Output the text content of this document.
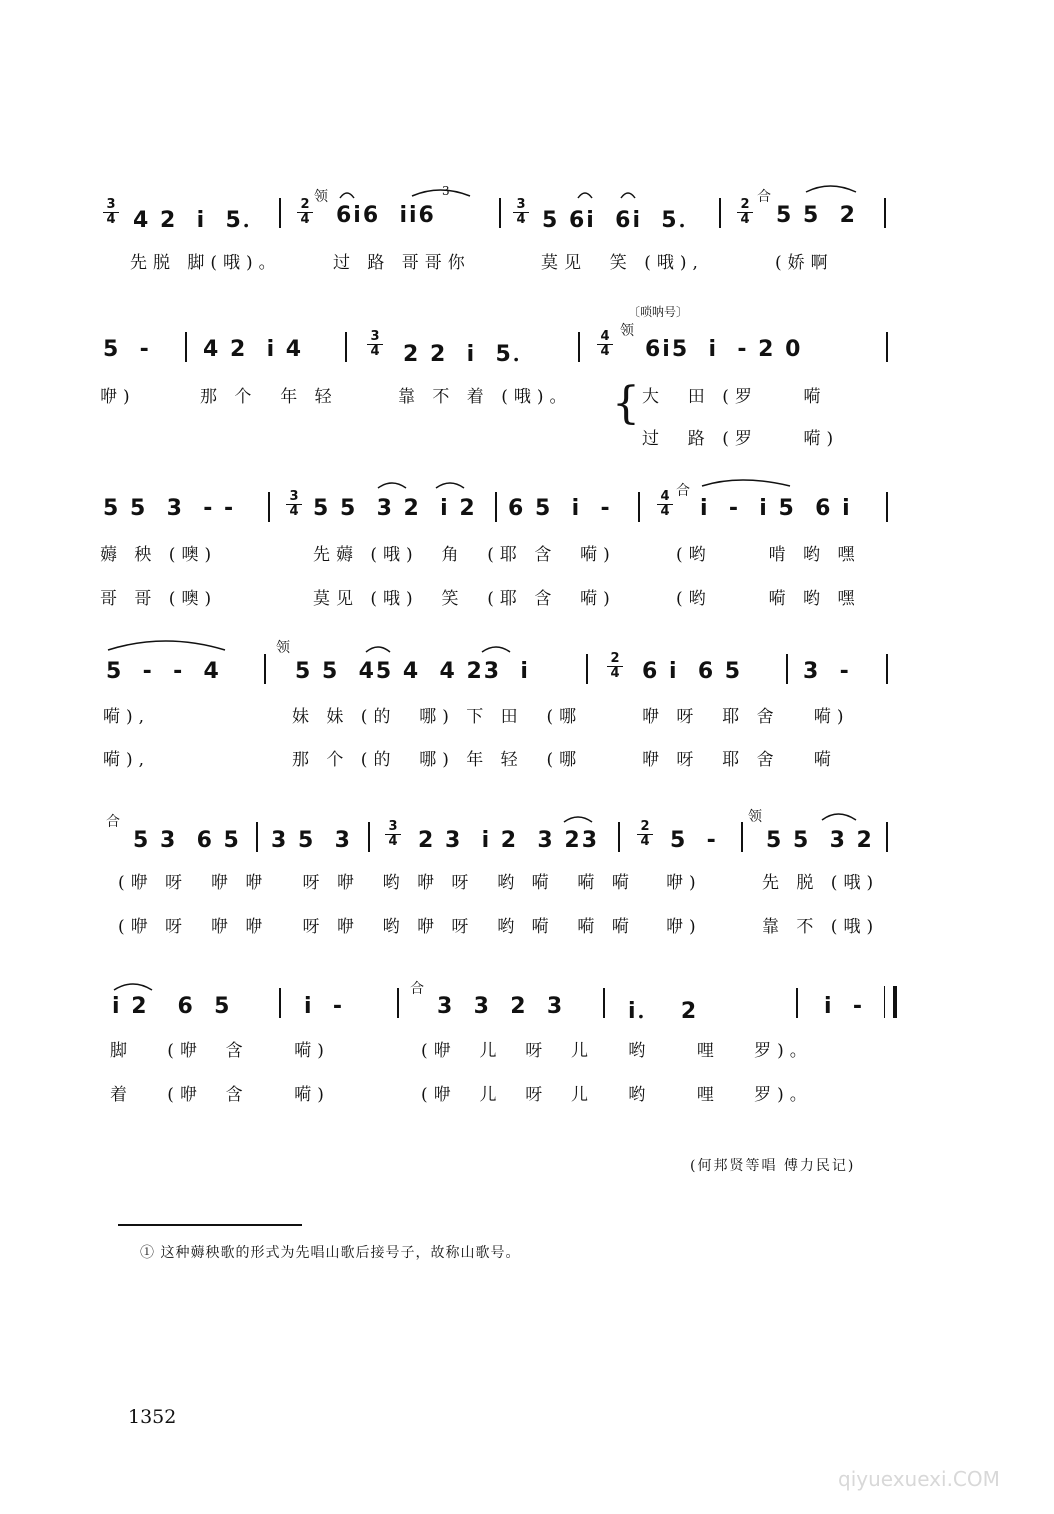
3
4 4 2  i  5．
2
4
领
6i6  ii6
3
3
4 5 6i  6i  5．
2
4
合
5 5  2
先脱 脚(哦)。	过 路 哥哥你	莫见  笑 (哦),	(娇啊
5  - 4 2  i 4
3
4 2 2  i  5．
4
4
领
〔唢呐号〕
6i5  i  - 2 0
咿)	那 个  年 轻	靠 不 着 (哦)。 { 大  田 (罗    嗬
过  路 (罗    嗬)
5 5  3  - -	3
4 5 5  3 2  i 2 6 5  i  -	4
4
合
i  -  i 5  6 i
薅 秧 (噢)	先薅 (哦)  角  (耶 含  嗬)	(哟     啃 哟 嘿
哥 哥 (噢)	莫见 (哦)  笑  (耶 含  嗬)	(哟     嗬 哟 嘿
5  -  -  4
领
5 5  45 4  4 23  i
2
4 6 i  6 5	3  -
嗬),	妹 妹 (的  哪) 下 田  (哪	咿 呀  耶 舍   嗬)
嗬),	那 个 (的  哪) 年 轻  (哪	咿 呀  耶 舍   嗬
合
5 3  6 5 3 5  3
3
4 2 3  i 2  3 23
2
4 5  -
领
5 5  3 2
(咿 呀  咿 咿   呀 咿  哟 咿 呀  哟 嗬  嗬 嗬 咿)	先 脱 (哦)
(咿 呀  咿 咿   呀 咿  哟 咿 呀  哟 嗬  嗬 嗬 咿)	靠 不 (哦)
i 2   6  5	i  -
合
3  3  2  3	i．  2	i  -
脚   (咿  含    嗬)	(咿  儿  呀  儿   哟    哩   罗)。
着   (咿  含    嗬)	(咿  儿  呀  儿   哟    哩   罗)。
(何邦贤等唱 傅力民记)
① 这种薅秧歌的形式为先唱山歌后接号子，故称山歌号。
1352
qiyuexuexi.COM
